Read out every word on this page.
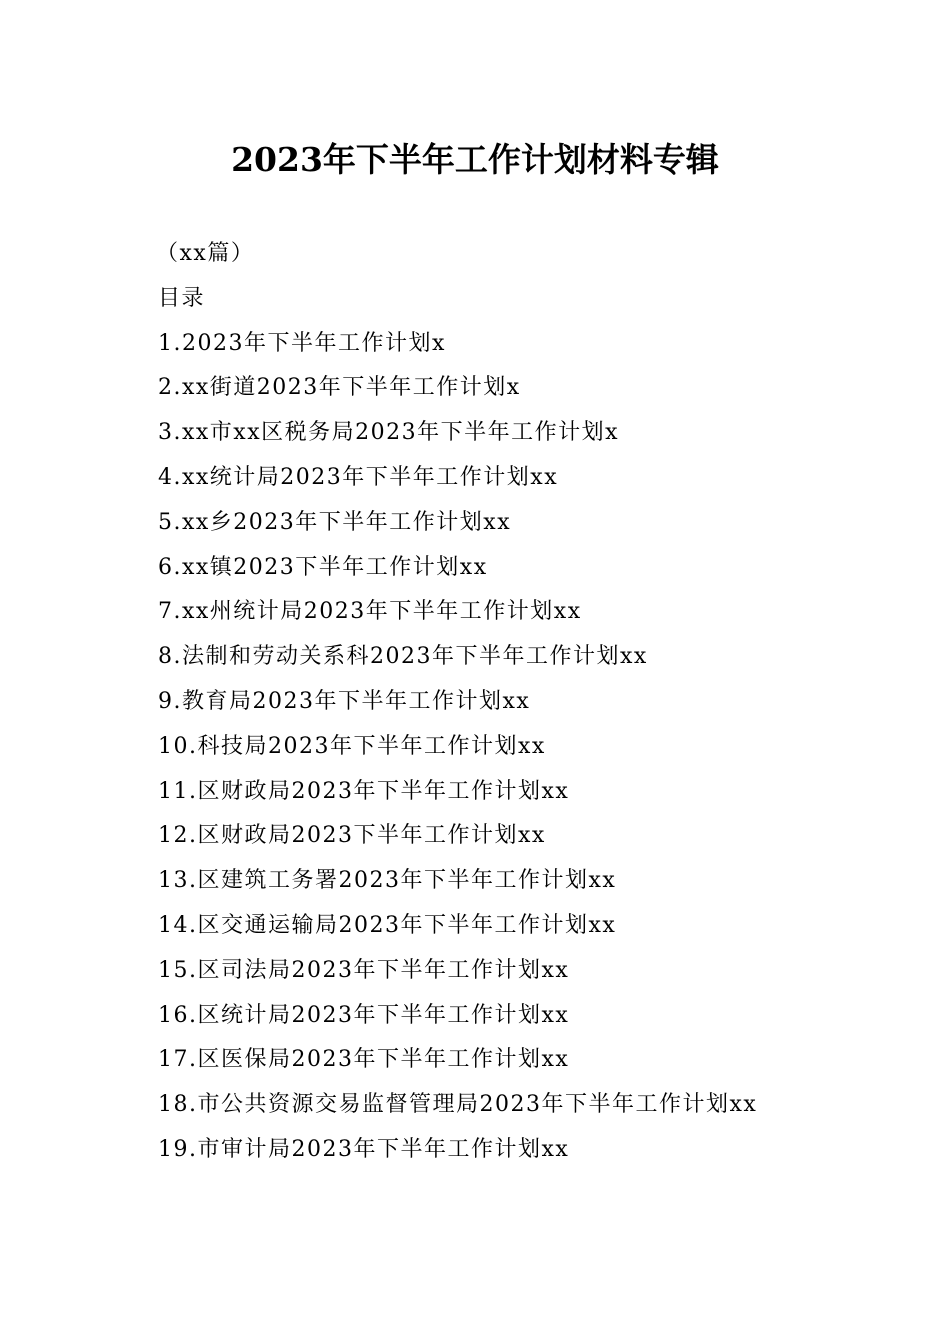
2023年下半年工作计划材料专辑
（xx篇）
目录
1.2023年下半年工作计划x
2.xx街道2023年下半年工作计划x
3.xx市xx区税务局2023年下半年工作计划x
4.xx统计局2023年下半年工作计划xx
5.xx乡2023年下半年工作计划xx
6.xx镇2023下半年工作计划xx
7.xx州统计局2023年下半年工作计划xx
8.法制和劳动关系科2023年下半年工作计划xx
9.教育局2023年下半年工作计划xx
10.科技局2023年下半年工作计划xx
11.区财政局2023年下半年工作计划xx
12.区财政局2023下半年工作计划xx
13.区建筑工务署2023年下半年工作计划xx
14.区交通运输局2023年下半年工作计划xx
15.区司法局2023年下半年工作计划xx
16.区统计局2023年下半年工作计划xx
17.区医保局2023年下半年工作计划xx
18.市公共资源交易监督管理局2023年下半年工作计划xx
19.市审计局2023年下半年工作计划xx
